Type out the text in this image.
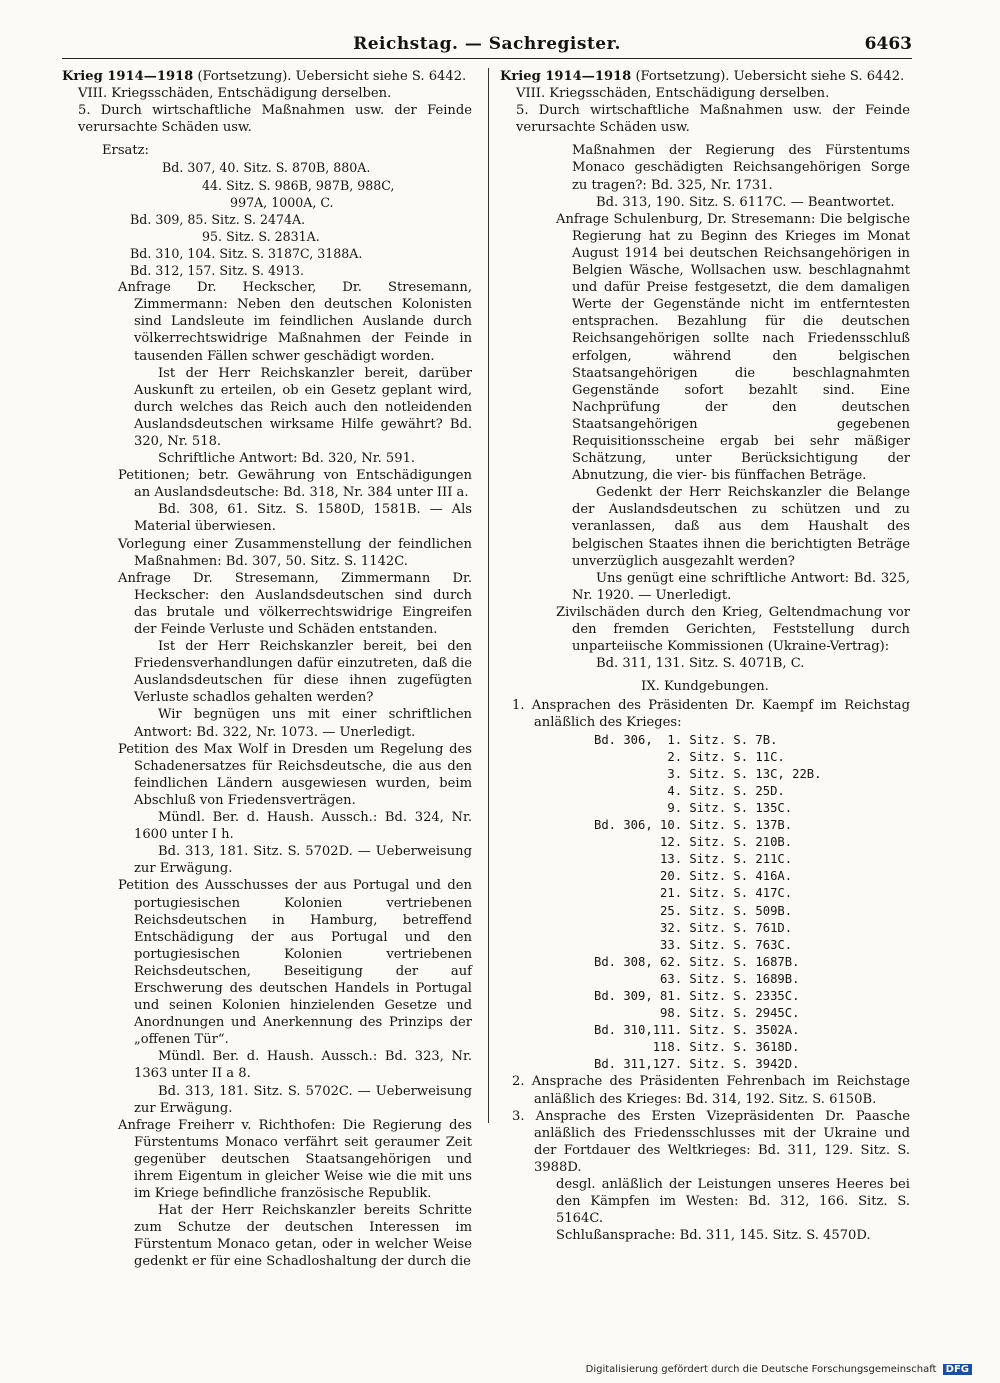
Reichstag. — Sachregister.	6463

Krieg 1914—1918 (Fortsetzung). Uebersicht siehe S. 6442.

VIII. Kriegsschäden, Entschädigung derselben.

5. Durch wirtschaftliche Maßnahmen usw. der Feinde verursachte Schäden usw.

Ersatz:

Bd. 307, 40. Sitz. S. 870B, 880A.
44. Sitz. S. 986B, 987B, 988C,
997A, 1000A, C.
Bd. 309, 85. Sitz. S. 2474A.
95. Sitz. S. 2831A.
Bd. 310, 104. Sitz. S. 3187C, 3188A.
Bd. 312, 157. Sitz. S. 4913.

Anfrage Dr. Heckscher, Dr. Stresemann, Zimmermann: Neben den deutschen Kolonisten sind Landsleute im feindlichen Auslande durch völkerrechtswidrige Maßnahmen der Feinde in tausenden Fällen schwer geschädigt worden.

Ist der Herr Reichskanzler bereit, darüber Auskunft zu erteilen, ob ein Gesetz geplant wird, durch welches das Reich auch den notleidenden Auslandsdeutschen wirksame Hilfe gewährt? Bd. 320, Nr. 518.

Schriftliche Antwort: Bd. 320, Nr. 591.

Petitionen; betr. Gewährung von Entschädigungen an Auslandsdeutsche: Bd. 318, Nr. 384 unter III a.

Bd. 308, 61. Sitz. S. 1580D, 1581B. — Als Material überwiesen.

Vorlegung einer Zusammenstellung der feindlichen Maßnahmen: Bd. 307, 50. Sitz. S. 1142C.

Anfrage Dr. Stresemann, Zimmermann Dr. Heckscher: den Auslandsdeutschen sind durch das brutale und völkerrechtswidrige Eingreifen der Feinde Verluste und Schäden entstanden.

Ist der Herr Reichskanzler bereit, bei den Friedensverhandlungen dafür einzutreten, daß die Auslandsdeutschen für diese ihnen zugefügten Verluste schadlos gehalten werden?

Wir begnügen uns mit einer schriftlichen Antwort: Bd. 322, Nr. 1073. — Unerledigt.

Petition des Max Wolf in Dresden um Regelung des Schadenersatzes für Reichsdeutsche, die aus den feindlichen Ländern ausgewiesen wurden, beim Abschluß von Friedensverträgen.

Mündl. Ber. d. Haush. Aussch.: Bd. 324, Nr. 1600 unter I h.

Bd. 313, 181. Sitz. S. 5702D. — Ueberweisung zur Erwägung.

Petition des Ausschusses der aus Portugal und den portugiesischen Kolonien vertriebenen Reichsdeutschen in Hamburg, betreffend Entschädigung der aus Portugal und den portugiesischen Kolonien vertriebenen Reichsdeutschen, Beseitigung der auf Erschwerung des deutschen Handels in Portugal und seinen Kolonien hinzielenden Gesetze und Anordnungen und Anerkennung des Prinzips der „offenen Tür“.

Mündl. Ber. d. Haush. Aussch.: Bd. 323, Nr. 1363 unter II a 8.

Bd. 313, 181. Sitz. S. 5702C. — Ueberweisung zur Erwägung.

Anfrage Freiherr v. Richthofen: Die Regierung des Fürstentums Monaco verfährt seit geraumer Zeit gegenüber deutschen Staatsangehörigen und ihrem Eigentum in gleicher Weise wie die mit uns im Kriege befindliche französische Republik.

Hat der Herr Reichskanzler bereits Schritte zum Schutze der deutschen Interessen im Fürstentum Monaco getan, oder in welcher Weise gedenkt er für eine Schadloshaltung der durch die

Krieg 1914—1918 (Fortsetzung). Uebersicht siehe S. 6442.

VIII. Kriegsschäden, Entschädigung derselben.

5. Durch wirtschaftliche Maßnahmen usw. der Feinde verursachte Schäden usw.

Maßnahmen der Regierung des Fürstentums Monaco geschädigten Reichsangehörigen Sorge zu tragen?: Bd. 325, Nr. 1731.

Bd. 313, 190. Sitz. S. 6117C. — Beantwortet.

Anfrage Schulenburg, Dr. Stresemann: Die belgische Regierung hat zu Beginn des Krieges im Monat August 1914 bei deutschen Reichsangehörigen in Belgien Wäsche, Wollsachen usw. beschlagnahmt und dafür Preise festgesetzt, die dem damaligen Werte der Gegenstände nicht im entferntesten entsprachen. Bezahlung für die deutschen Reichsangehörigen sollte nach Friedensschluß erfolgen, während den belgischen Staatsangehörigen die beschlagnahmten Gegenstände sofort bezahlt sind. Eine Nachprüfung der den deutschen Staatsangehörigen gegebenen Requisitionsscheine ergab bei sehr mäßiger Schätzung, unter Berücksichtigung der Abnutzung, die vier- bis fünffachen Beträge.

Gedenkt der Herr Reichskanzler die Belange der Auslandsdeutschen zu schützen und zu veranlassen, daß aus dem Haushalt des belgischen Staates ihnen die berichtigten Beträge unverzüglich ausgezahlt werden?

Uns genügt eine schriftliche Antwort: Bd. 325, Nr. 1920. — Unerledigt.

Zivilschäden durch den Krieg, Geltendmachung vor den fremden Gerichten, Feststellung durch unparteiische Kommissionen (Ukraine-Vertrag):

Bd. 311, 131. Sitz. S. 4071B, C.

IX. Kundgebungen.

1. Ansprachen des Präsidenten Dr. Kaempf im Reichstag anläßlich des Krieges:

Bd. 306,  1. Sitz. S. 7B.
2. Sitz. S. 11C.
3. Sitz. S. 13C, 22B.
4. Sitz. S. 25D.
9. Sitz. S. 135C.
Bd. 306, 10. Sitz. S. 137B.
12. Sitz. S. 210B.
13. Sitz. S. 211C.
20. Sitz. S. 416A.
21. Sitz. S. 417C.
25. Sitz. S. 509B.
32. Sitz. S. 761D.
33. Sitz. S. 763C.
Bd. 308, 62. Sitz. S. 1687B.
63. Sitz. S. 1689B.
Bd. 309, 81. Sitz. S. 2335C.
98. Sitz. S. 2945C.
Bd. 310,111. Sitz. S. 3502A.
118. Sitz. S. 3618D.
Bd. 311,127. Sitz. S. 3942D.

2. Ansprache des Präsidenten Fehrenbach im Reichstage anläßlich des Krieges: Bd. 314, 192. Sitz. S. 6150B.

3. Ansprache des Ersten Vizepräsidenten Dr. Paasche anläßlich des Friedensschlusses mit der Ukraine und der Fortdauer des Weltkrieges: Bd. 311, 129. Sitz. S. 3988D.

desgl. anläßlich der Leistungen unseres Heeres bei den Kämpfen im Westen: Bd. 312, 166. Sitz. S. 5164C.

Schlußansprache: Bd. 311, 145. Sitz. S. 4570D.

Digitalisierung gefördert durch die Deutsche Forschungsgemeinschaft DFG
